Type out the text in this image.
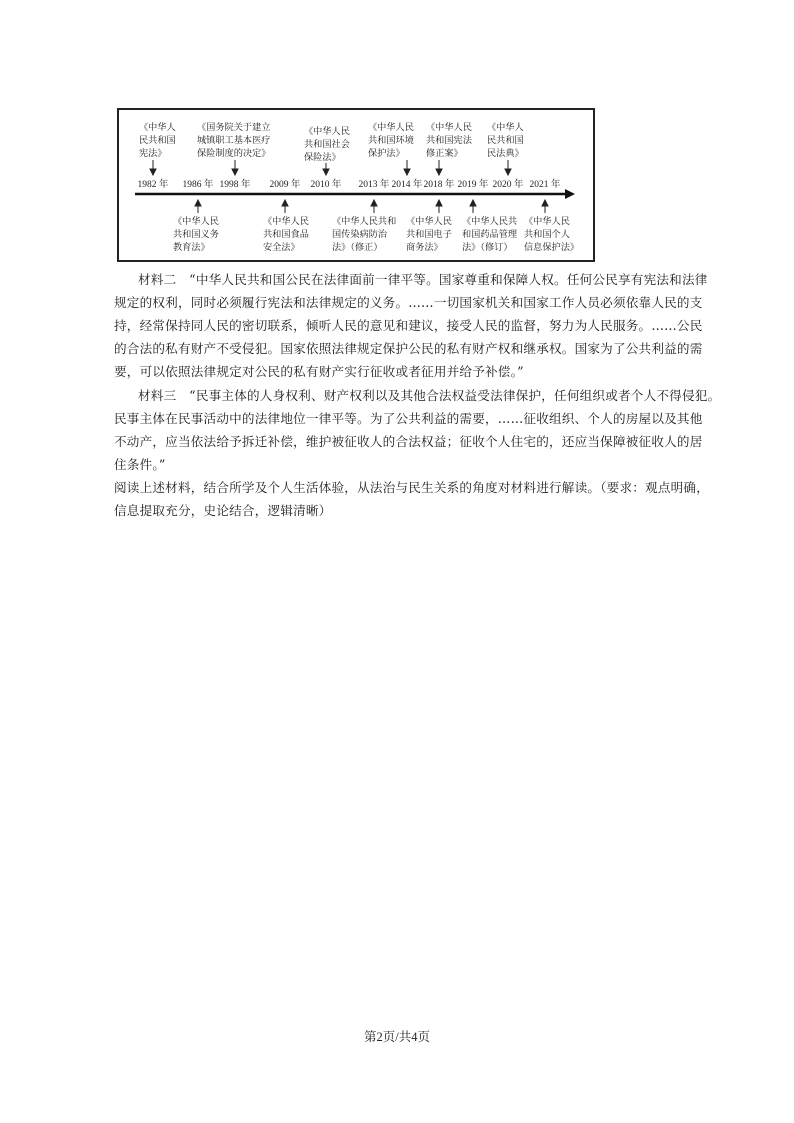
1982 年 1986 年 1998 年 2009 年 2010 年 2013 年 2014 年 2018 年 2019 年 2020 年 2021 年
《中华人
民共和国
宪法》
《国务院关于建立
城镇职工基本医疗
保险制度的决定》
《中华人民
共和国社会
保险法》
《中华人民
共和国环境
保护法》
《中华人民
共和国宪法
修正案》
《中华人
民共和国
民法典》
《中华人民
共和国义务
教育法》
《中华人民
共和国食品
安全法》
《中华人民共和
国传染病防治
法》（修正）
《中华人民
共和国电子
商务法》
《中华人民共
和国药品管理
法》（修订）
《中华人民
共和国个人
信息保护法》
材料二　“中华人民共和国公民在法律面前一律平等。国家尊重和保障人权。任何公民享有宪法和法律
规定的权利，同时必须履行宪法和法律规定的义务。……一切国家机关和国家工作人员必须依靠人民的支
持，经常保持同人民的密切联系，倾听人民的意见和建议，接受人民的监督，努力为人民服务。……公民
的合法的私有财产不受侵犯。国家依照法律规定保护公民的私有财产权和继承权。国家为了公共利益的需
要，可以依照法律规定对公民的私有财产实行征收或者征用并给予补偿。”
材料三　“民事主体的人身权利、财产权利以及其他合法权益受法律保护，任何组织或者个人不得侵犯。
民事主体在民事活动中的法律地位一律平等。为了公共利益的需要，……征收组织、个人的房屋以及其他
不动产，应当依法给予拆迁补偿，维护被征收人的合法权益；征收个人住宅的，还应当保障被征收人的居
住条件。”
阅读上述材料，结合所学及个人生活体验，从法治与民生关系的角度对材料进行解读。（要求：观点明确，
信息提取充分，史论结合，逻辑清晰）
第2页/共4页
